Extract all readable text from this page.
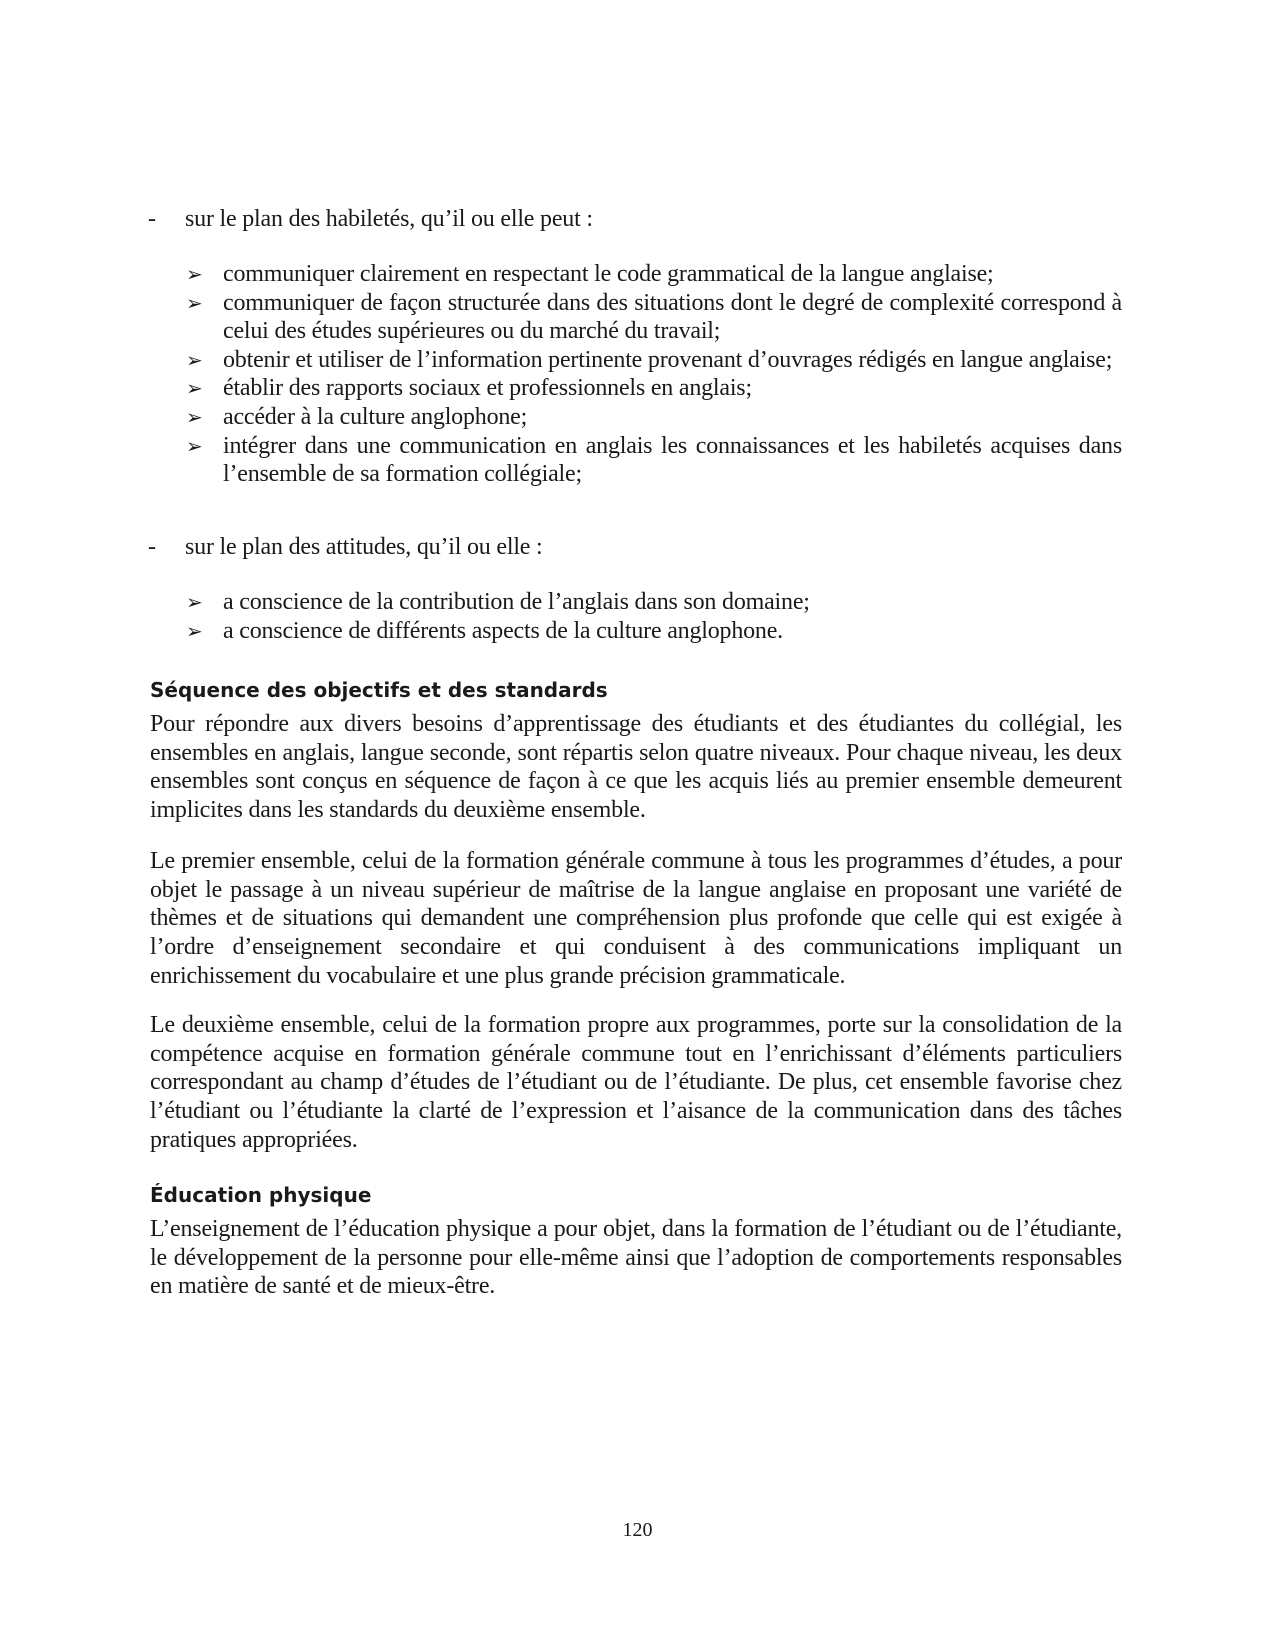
- sur le plan des habiletés, qu’il ou elle peut :
➢ communiquer clairement en respectant le code grammatical de la langue anglaise;
➢ communiquer de façon structurée dans des situations dont le degré de complexité correspond à celui des études supérieures ou du marché du travail;
➢ obtenir et utiliser de l’information pertinente provenant d’ouvrages rédigés en langue anglaise;
➢ établir des rapports sociaux et professionnels en anglais;
➢ accéder à la culture anglophone;
➢ intégrer dans une communication en anglais les connaissances et les habiletés acquises dans l’ensemble de sa formation collégiale;
- sur le plan des attitudes, qu’il ou elle :
➢ a conscience de la contribution de l’anglais dans son domaine;
➢ a conscience de différents aspects de la culture anglophone.
Séquence des objectifs et des standards

Pour répondre aux divers besoins d’apprentissage des étudiants et des étudiantes du collégial, les ensembles en anglais, langue seconde, sont répartis selon quatre niveaux. Pour chaque niveau, les deux ensembles sont conçus en séquence de façon à ce que les acquis liés au premier ensemble demeurent implicites dans les standards du deuxième ensemble.

Le premier ensemble, celui de la formation générale commune à tous les programmes d’études, a pour objet le passage à un niveau supérieur de maîtrise de la langue anglaise en proposant une variété de thèmes et de situations qui demandent une compréhension plus profonde que celle qui est exigée à l’ordre d’enseignement secondaire et qui conduisent à des communications impliquant un enrichissement du vocabulaire et une plus grande précision grammaticale.

Le deuxième ensemble, celui de la formation propre aux programmes, porte sur la consolidation de la compétence acquise en formation générale commune tout en l’enrichissant d’éléments particuliers correspondant au champ d’études de l’étudiant ou de l’étudiante. De plus, cet ensemble favorise chez l’étudiant ou l’étudiante la clarté de l’expression et l’aisance de la communication dans des tâches pratiques appropriées.

Éducation physique

L’enseignement de l’éducation physique a pour objet, dans la formation de l’étudiant ou de l’étudiante, le développement de la personne pour elle-même ainsi que l’adoption de comportements responsables en matière de santé et de mieux-être.

120
